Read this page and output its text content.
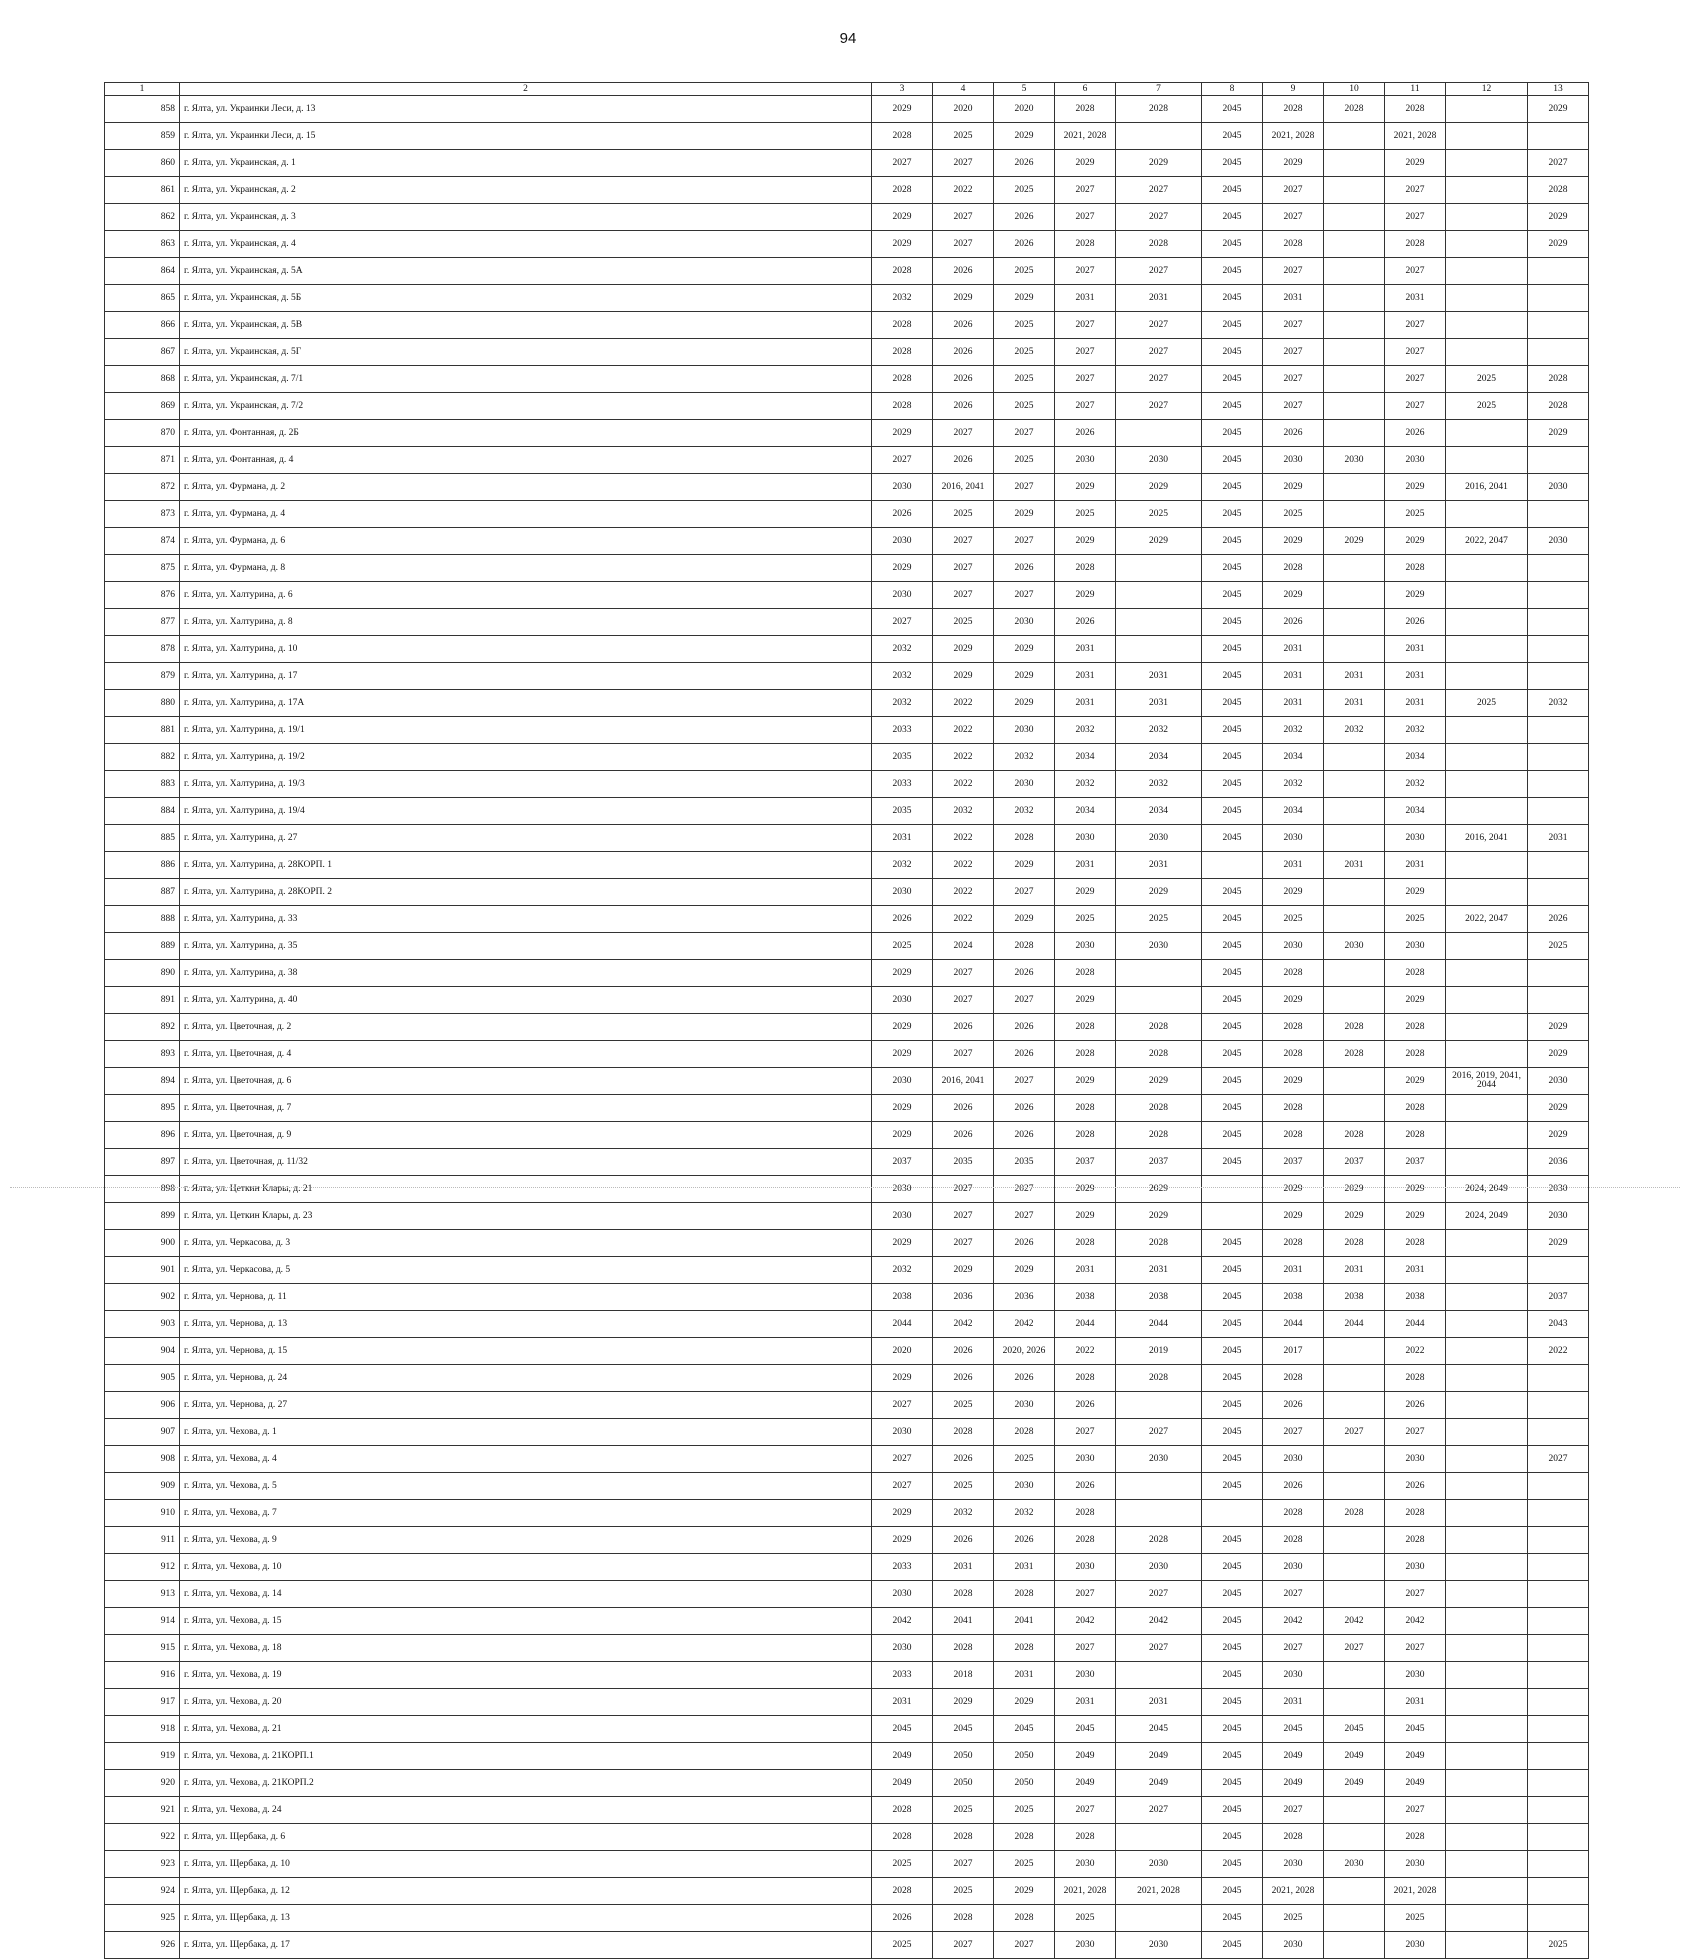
94
1	2	3	4	5	6	7	8	9	10	11	12	13
858	г. Ялта, ул. Украинки Леси, д. 13	2029	2020	2020	2028	2028	2045	2028	2028	2028		2029
859	г. Ялта, ул. Украинки Леси, д. 15	2028	2025	2029	2021, 2028		2045	2021, 2028		2021, 2028		
860	г. Ялта, ул. Украинская, д. 1	2027	2027	2026	2029	2029	2045	2029		2029		2027
861	г. Ялта, ул. Украинская, д. 2	2028	2022	2025	2027	2027	2045	2027		2027		2028
862	г. Ялта, ул. Украинская, д. 3	2029	2027	2026	2027	2027	2045	2027		2027		2029
863	г. Ялта, ул. Украинская, д. 4	2029	2027	2026	2028	2028	2045	2028		2028		2029
864	г. Ялта, ул. Украинская, д. 5А	2028	2026	2025	2027	2027	2045	2027		2027		
865	г. Ялта, ул. Украинская, д. 5Б	2032	2029	2029	2031	2031	2045	2031		2031		
866	г. Ялта, ул. Украинская, д. 5В	2028	2026	2025	2027	2027	2045	2027		2027		
867	г. Ялта, ул. Украинская, д. 5Г	2028	2026	2025	2027	2027	2045	2027		2027		
868	г. Ялта, ул. Украинская, д. 7/1	2028	2026	2025	2027	2027	2045	2027		2027	2025	2028
869	г. Ялта, ул. Украинская, д. 7/2	2028	2026	2025	2027	2027	2045	2027		2027	2025	2028
870	г. Ялта, ул. Фонтанная, д. 2Б	2029	2027	2027	2026		2045	2026		2026		2029
871	г. Ялта, ул. Фонтанная, д. 4	2027	2026	2025	2030	2030	2045	2030	2030	2030		
872	г. Ялта, ул. Фурмана, д. 2	2030	2016, 2041	2027	2029	2029	2045	2029		2029	2016, 2041	2030
873	г. Ялта, ул. Фурмана, д. 4	2026	2025	2029	2025	2025	2045	2025		2025		
874	г. Ялта, ул. Фурмана, д. 6	2030	2027	2027	2029	2029	2045	2029	2029	2029	2022, 2047	2030
875	г. Ялта, ул. Фурмана, д. 8	2029	2027	2026	2028		2045	2028		2028		
876	г. Ялта, ул. Халтурина, д. 6	2030	2027	2027	2029		2045	2029		2029		
877	г. Ялта, ул. Халтурина, д. 8	2027	2025	2030	2026		2045	2026		2026		
878	г. Ялта, ул. Халтурина, д. 10	2032	2029	2029	2031		2045	2031		2031		
879	г. Ялта, ул. Халтурина, д. 17	2032	2029	2029	2031	2031	2045	2031	2031	2031		
880	г. Ялта, ул. Халтурина, д. 17А	2032	2022	2029	2031	2031	2045	2031	2031	2031	2025	2032
881	г. Ялта, ул. Халтурина, д. 19/1	2033	2022	2030	2032	2032	2045	2032	2032	2032		
882	г. Ялта, ул. Халтурина, д. 19/2	2035	2022	2032	2034	2034	2045	2034		2034		
883	г. Ялта, ул. Халтурина, д. 19/3	2033	2022	2030	2032	2032	2045	2032		2032		
884	г. Ялта, ул. Халтурина, д. 19/4	2035	2032	2032	2034	2034	2045	2034		2034		
885	г. Ялта, ул. Халтурина, д. 27	2031	2022	2028	2030	2030	2045	2030		2030	2016, 2041	2031
886	г. Ялта, ул. Халтурина, д. 28КОРП. 1	2032	2022	2029	2031	2031		2031	2031	2031		
887	г. Ялта, ул. Халтурина, д. 28КОРП. 2	2030	2022	2027	2029	2029	2045	2029		2029		
888	г. Ялта, ул. Халтурина, д. 33	2026	2022	2029	2025	2025	2045	2025		2025	2022, 2047	2026
889	г. Ялта, ул. Халтурина, д. 35	2025	2024	2028	2030	2030	2045	2030	2030	2030		2025
890	г. Ялта, ул. Халтурина, д. 38	2029	2027	2026	2028		2045	2028		2028		
891	г. Ялта, ул. Халтурина, д. 40	2030	2027	2027	2029		2045	2029		2029		
892	г. Ялта, ул. Цветочная, д. 2	2029	2026	2026	2028	2028	2045	2028	2028	2028		2029
893	г. Ялта, ул. Цветочная, д. 4	2029	2027	2026	2028	2028	2045	2028	2028	2028		2029
894	г. Ялта, ул. Цветочная, д. 6	2030	2016, 2041	2027	2029	2029	2045	2029		2029	2016, 2019, 2041, 2044	2030
895	г. Ялта, ул. Цветочная, д. 7	2029	2026	2026	2028	2028	2045	2028		2028		2029
896	г. Ялта, ул. Цветочная, д. 9	2029	2026	2026	2028	2028	2045	2028	2028	2028		2029
897	г. Ялта, ул. Цветочная, д. 11/32	2037	2035	2035	2037	2037	2045	2037	2037	2037		2036
898	г. Ялта, ул. Цеткин Клары, д. 21	2030	2027	2027	2029	2029		2029	2029	2029	2024, 2049	2030
899	г. Ялта, ул. Цеткин Клары, д. 23	2030	2027	2027	2029	2029		2029	2029	2029	2024, 2049	2030
900	г. Ялта, ул. Черкасова, д. 3	2029	2027	2026	2028	2028	2045	2028	2028	2028		2029
901	г. Ялта, ул. Черкасова, д. 5	2032	2029	2029	2031	2031	2045	2031	2031	2031		
902	г. Ялта, ул. Чернова, д. 11	2038	2036	2036	2038	2038	2045	2038	2038	2038		2037
903	г. Ялта, ул. Чернова, д. 13	2044	2042	2042	2044	2044	2045	2044	2044	2044		2043
904	г. Ялта, ул. Чернова, д. 15	2020	2026	2020, 2026	2022	2019	2045	2017		2022		2022
905	г. Ялта, ул. Чернова, д. 24	2029	2026	2026	2028	2028	2045	2028		2028		
906	г. Ялта, ул. Чернова, д. 27	2027	2025	2030	2026		2045	2026		2026		
907	г. Ялта, ул. Чехова, д. 1	2030	2028	2028	2027	2027	2045	2027	2027	2027		
908	г. Ялта, ул. Чехова, д. 4	2027	2026	2025	2030	2030	2045	2030		2030		2027
909	г. Ялта, ул. Чехова, д. 5	2027	2025	2030	2026		2045	2026		2026		
910	г. Ялта, ул. Чехова, д. 7	2029	2032	2032	2028			2028	2028	2028		
911	г. Ялта, ул. Чехова, д. 9	2029	2026	2026	2028	2028	2045	2028		2028		
912	г. Ялта, ул. Чехова, д. 10	2033	2031	2031	2030	2030	2045	2030		2030		
913	г. Ялта, ул. Чехова, д. 14	2030	2028	2028	2027	2027	2045	2027		2027		
914	г. Ялта, ул. Чехова, д. 15	2042	2041	2041	2042	2042	2045	2042	2042	2042		
915	г. Ялта, ул. Чехова, д. 18	2030	2028	2028	2027	2027	2045	2027	2027	2027		
916	г. Ялта, ул. Чехова, д. 19	2033	2018	2031	2030		2045	2030		2030		
917	г. Ялта, ул. Чехова, д. 20	2031	2029	2029	2031	2031	2045	2031		2031		
918	г. Ялта, ул. Чехова, д. 21	2045	2045	2045	2045	2045	2045	2045	2045	2045		
919	г. Ялта, ул. Чехова, д. 21КОРП.1	2049	2050	2050	2049	2049	2045	2049	2049	2049		
920	г. Ялта, ул. Чехова, д. 21КОРП.2	2049	2050	2050	2049	2049	2045	2049	2049	2049		
921	г. Ялта, ул. Чехова, д. 24	2028	2025	2025	2027	2027	2045	2027		2027		
922	г. Ялта, ул. Щербака, д. 6	2028	2028	2028	2028		2045	2028		2028		
923	г. Ялта, ул. Щербака, д. 10	2025	2027	2025	2030	2030	2045	2030	2030	2030		
924	г. Ялта, ул. Щербака, д. 12	2028	2025	2029	2021, 2028	2021, 2028	2045	2021, 2028		2021, 2028		
925	г. Ялта, ул. Щербака, д. 13	2026	2028	2028	2025		2045	2025		2025		
926	г. Ялта, ул. Щербака, д. 17	2025	2027	2027	2030	2030	2045	2030		2030		2025
